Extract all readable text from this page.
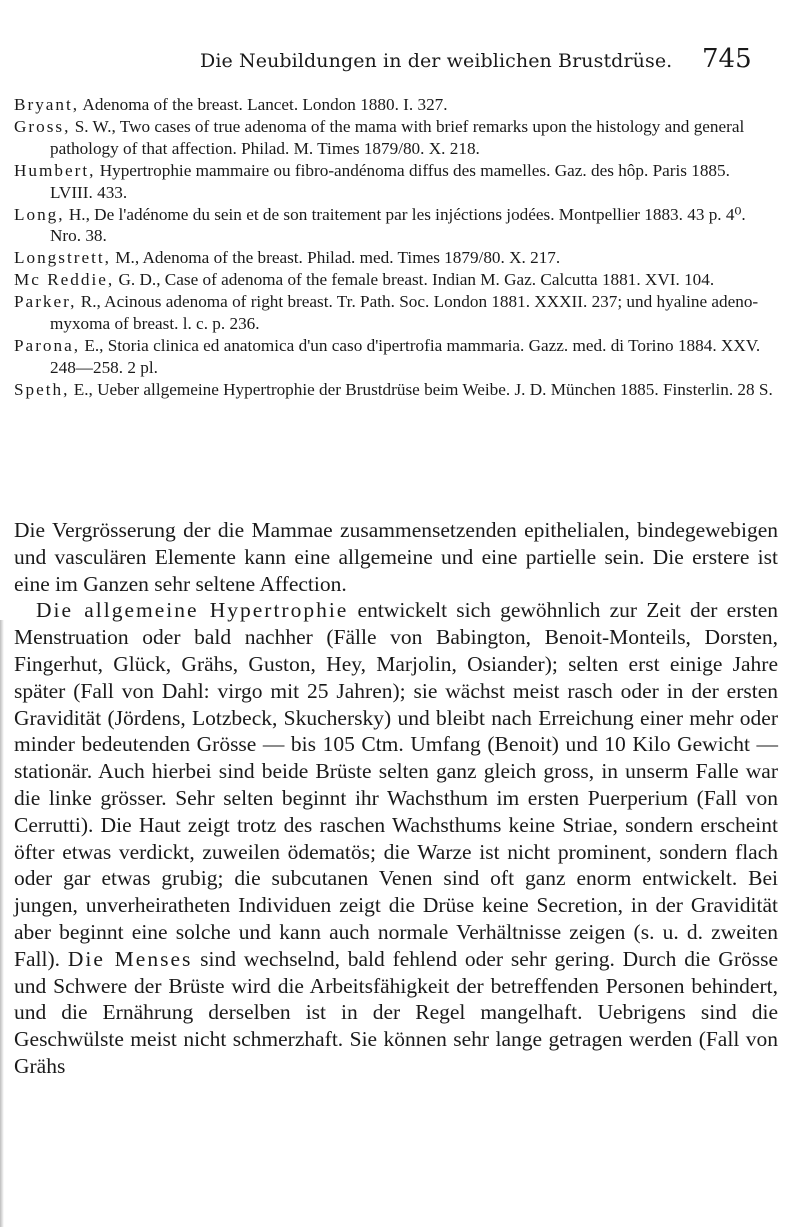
Die Neubildungen in der weiblichen Brustdrüse. 745
Bryant, Adenoma of the breast. Lancet. London 1880. I. 327.
Gross, S. W., Two cases of true adenoma of the mama with brief remarks upon the histology and general pathology of that affection. Philad. M. Times 1879/80. X. 218.
Humbert, Hypertrophie mammaire ou fibro-andénoma diffus des mamelles. Gaz. des hôp. Paris 1885. LVIII. 433.
Long, H., De l'adénome du sein et de son traitement par les injéctions jodées. Montpellier 1883. 43 p. 4⁰. Nro. 38.
Longstrett, M., Adenoma of the breast. Philad. med. Times 1879/80. X. 217.
Mc Reddie, G. D., Case of adenoma of the female breast. Indian M. Gaz. Calcutta 1881. XVI. 104.
Parker, R., Acinous adenoma of right breast. Tr. Path. Soc. London 1881. XXXII. 237; und hyaline adeno-myxoma of breast. l. c. p. 236.
Parona, E., Storia clinica ed anatomica d'un caso d'ipertrofia mammaria. Gazz. med. di Torino 1884. XXV. 248—258. 2 pl.
Speth, E., Ueber allgemeine Hypertrophie der Brustdrüse beim Weibe. J. D. München 1885. Finsterlin. 28 S.

Die Vergrösserung der die Mammae zusammensetzenden epithelialen, bindegewebigen und vasculären Elemente kann eine allgemeine und eine partielle sein. Die erstere ist eine im Ganzen sehr seltene Affection.

Die allgemeine Hypertrophie entwickelt sich gewöhnlich zur Zeit der ersten Menstruation oder bald nachher (Fälle von Babington, Benoit-Monteils, Dorsten, Fingerhut, Glück, Grähs, Guston, Hey, Marjolin, Osiander); selten erst einige Jahre später (Fall von Dahl: virgo mit 25 Jahren); sie wächst meist rasch oder in der ersten Gravidität (Jördens, Lotzbeck, Skuchersky) und bleibt nach Erreichung einer mehr oder minder bedeutenden Grösse — bis 105 Ctm. Umfang (Benoit) und 10 Kilo Gewicht — stationär. Auch hierbei sind beide Brüste selten ganz gleich gross, in unserm Falle war die linke grösser. Sehr selten beginnt ihr Wachsthum im ersten Puerperium (Fall von Cerrutti). Die Haut zeigt trotz des raschen Wachsthums keine Striae, sondern erscheint öfter etwas verdickt, zuweilen ödematös; die Warze ist nicht prominent, sondern flach oder gar etwas grubig; die subcutanen Venen sind oft ganz enorm entwickelt. Bei jungen, unverheiratheten Individuen zeigt die Drüse keine Secretion, in der Gravidität aber beginnt eine solche und kann auch normale Verhältnisse zeigen (s. u. d. zweiten Fall). Die Menses sind wechselnd, bald fehlend oder sehr gering. Durch die Grösse und Schwere der Brüste wird die Arbeitsfähigkeit der betreffenden Personen behindert, und die Ernährung derselben ist in der Regel mangelhaft. Uebrigens sind die Geschwülste meist nicht schmerzhaft. Sie können sehr lange getragen werden (Fall von Grähs
